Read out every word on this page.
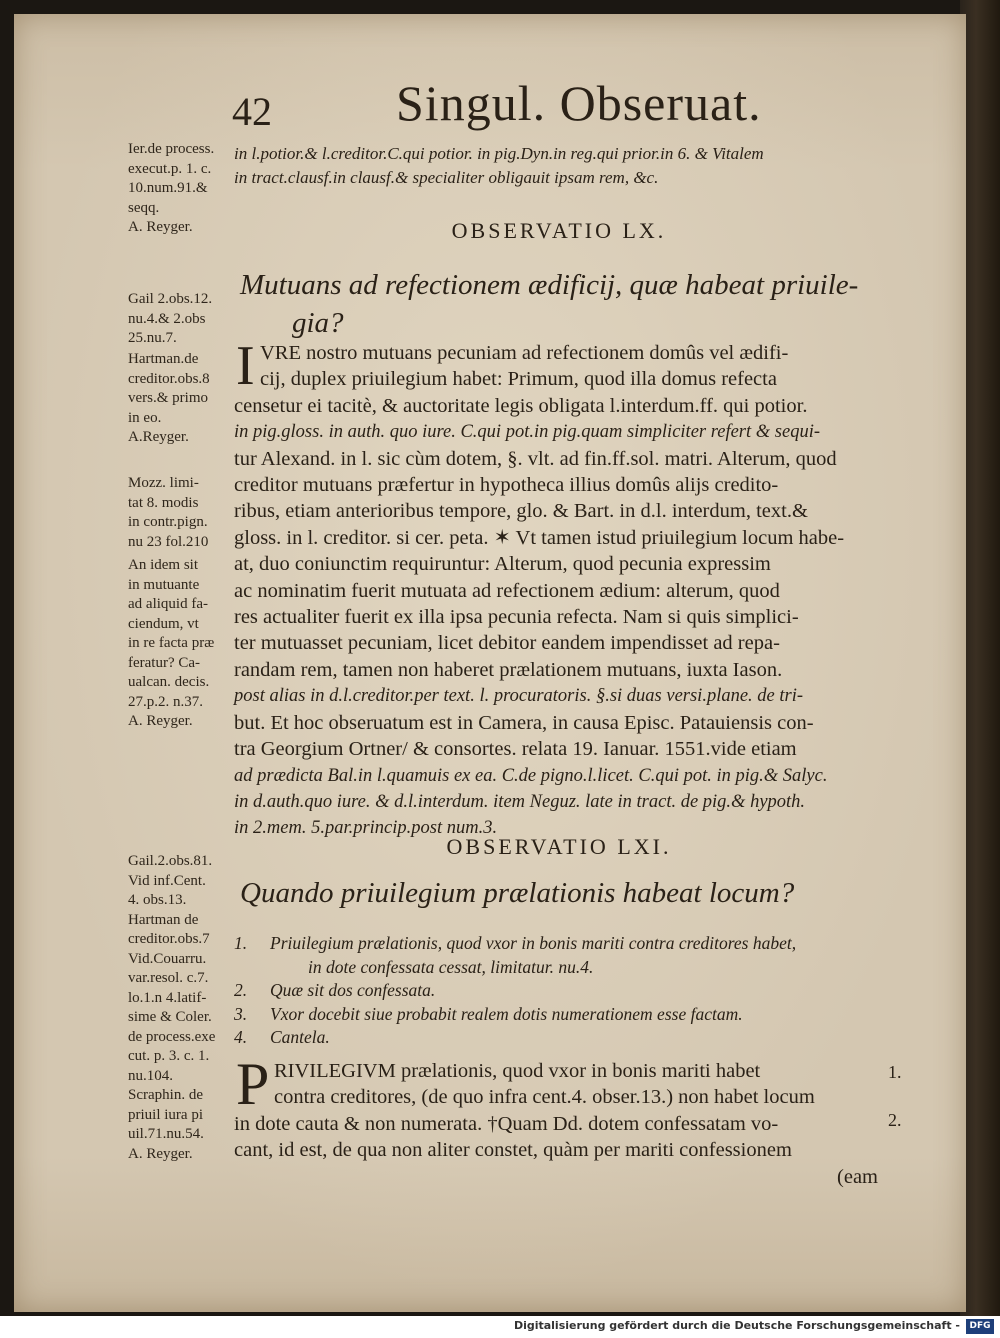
42 Singul. Obseruat.
Ier.de process.
execut.p. 1. c.
10.num.91.&
seqq.
A. Reyger.
in l.potior.& l.creditor.C.qui potior. in pig.Dyn.in reg.qui prior.in 6. & Vitalem
in tract.clausf.in clausf.& specialiter obligauit ipsam rem, &c.
OBSERVATIO LX.
Mutuans ad refectionem ædificij, quæ habeat priuile-
gia?
Gail 2.obs.12.
nu.4.& 2.obs
25.nu.7.
Hartman.de
creditor.obs.8
vers.& primo
in eo.
A.Reyger.
Mozz. limi-
tat 8. modis
in contr.pign.
nu 23 fol.210
An idem sit
in mutuante
ad aliquid fa-
ciendum, vt
in re facta præ
feratur? Ca-
ualcan. decis.
27.p.2. n.37.
A. Reyger.
I VRE nostro mutuans pecuniam ad refectionem domûs vel ædifi-
cij, duplex priuilegium habet: Primum, quod illa domus refecta
censetur ei tacitè, & auctoritate legis obligata l.interdum.ff. qui potior.
in pig.gloss. in auth. quo iure. C.qui pot.in pig.quam simpliciter refert & sequi-
tur Alexand. in l. sic cùm dotem, §. vlt. ad fin.ff.sol. matri. Alterum, quod
creditor mutuans præfertur in hypotheca illius domûs alijs credito-
ribus, etiam anterioribus tempore, glo. & Bart. in d.l. interdum, text.&
gloss. in l. creditor. si cer. peta. ✶ Vt tamen istud priuilegium locum habe-
at, duo coniunctim requiruntur: Alterum, quod pecunia expressim
ac nominatim fuerit mutuata ad refectionem ædium: alterum, quod
res actualiter fuerit ex illa ipsa pecunia refecta. Nam si quis simplici-
ter mutuasset pecuniam, licet debitor eandem impendisset ad repa-
randam rem, tamen non haberet prælationem mutuans, iuxta Iason.
post alias in d.l.creditor.per text. l. procuratoris. §.si duas versi.plane. de tri-
but. Et hoc obseruatum est in Camera, in causa Episc. Patauiensis con-
tra Georgium Ortner/ & consortes. relata 19. Ianuar. 1551.vide etiam
ad prædicta Bal.in l.quamuis ex ea. C.de pigno.l.licet. C.qui pot. in pig.& Salyc.
in d.auth.quo iure. & d.l.interdum. item Neguz. late in tract. de pig.& hypoth.
in 2.mem. 5.par.princip.post num.3.
OBSERVATIO LXI.
Quando priuilegium prælationis habeat locum?
Gail.2.obs.81.
Vid inf.Cent.
4. obs.13.
Hartman de
creditor.obs.7
Vid.Couarru.
var.resol. c.7.
lo.1.n 4.latif-
sime & Coler.
de process.exe
cut. p. 3. c. 1.
nu.104.
Scraphin. de
priuil iura pi
uil.71.nu.54.
A. Reyger.
1. Priuilegium prælationis, quod vxor in bonis mariti contra creditores habet,
in dote confessata cessat, limitatur. nu.4.
2. Quæ sit dos confessata.
3. Vxor docebit siue probabit realem dotis numerationem esse factam.
4. Cantela.
P RIVILEGIVM prælationis, quod vxor in bonis mariti habet
contra creditores, (de quo infra cent.4. obser.13.) non habet locum
in dote cauta & non numerata. †Quam Dd. dotem confessatam vo-
cant, id est, de qua non aliter constet, quàm per mariti confessionem
(eam
1.
2.
Digitalisierung gefördert durch die Deutsche Forschungsgemeinschaft -	DFG
